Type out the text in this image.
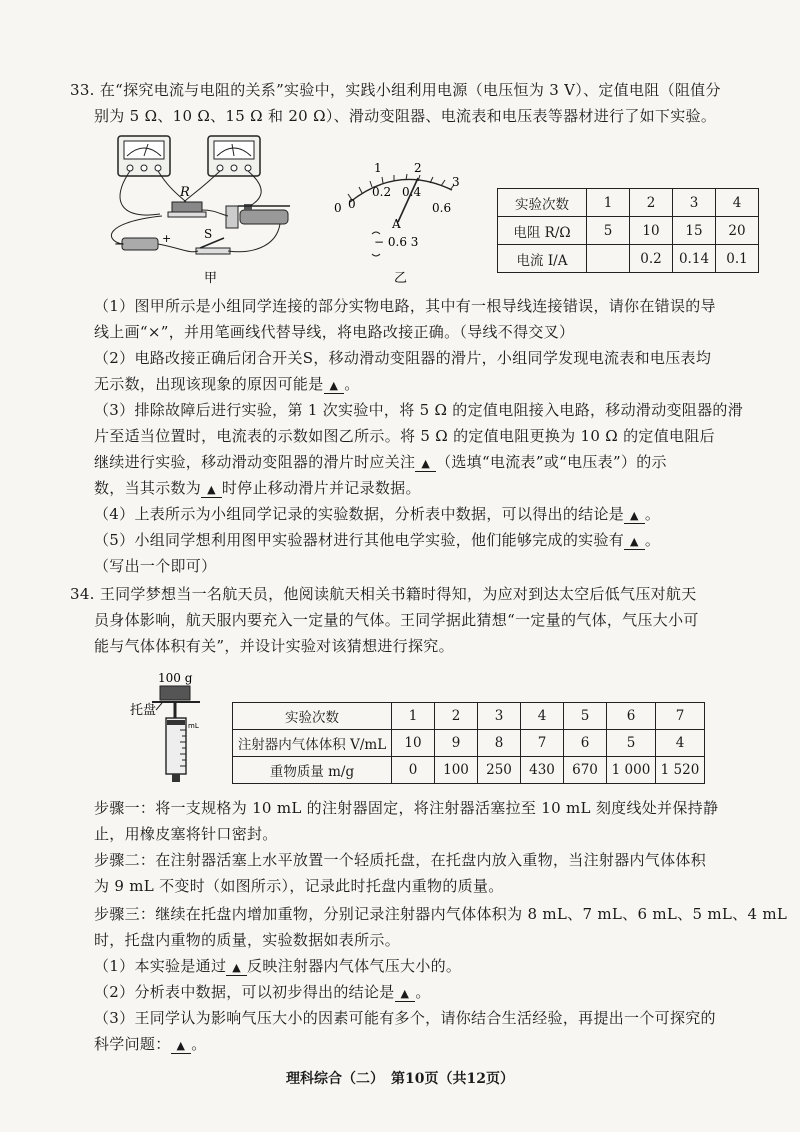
33. 在“探究电流与电阻的关系”实验中，实践小组利用电源（电压恒为 3 V）、定值电阻（阻值分
别为 5 Ω、10 Ω、15 Ω 和 20 Ω）、滑动变阻器、电流表和电压表等器材进行了如下实验。
R
−	+	S
甲
0
1	2
3
0
0.2 0.4
0.6
A
− 0.6 3
乙
实验次数	1	2	3	4
电阻 R/Ω	5	10	15	20
电流 I/A		0.2	0.14	0.1
（1）图甲所示是小组同学连接的部分实物电路，其中有一根导线连接错误，请你在错误的导
线上画“×”，并用笔画线代替导线，将电路改接正确。（导线不得交叉）
（2）电路改接正确后闭合开关S，移动滑动变阻器的滑片，小组同学发现电流表和电压表均
无示数，出现该现象的原因可能是 ▲ 。
（3）排除故障后进行实验，第 1 次实验中，将 5 Ω 的定值电阻接入电路，移动滑动变阻器的滑
片至适当位置时，电流表的示数如图乙所示。将 5 Ω 的定值电阻更换为 10 Ω 的定值电阻后
继续进行实验，移动滑动变阻器的滑片时应关注 ▲ （选填“电流表”或“电压表”）的示
数，当其示数为 ▲ 时停止移动滑片并记录数据。
（4）上表所示为小组同学记录的实验数据，分析表中数据，可以得出的结论是 ▲ 。
（5）小组同学想利用图甲实验器材进行其他电学实验，他们能够完成的实验有 ▲ 。
（写出一个即可）
34. 王同学梦想当一名航天员，他阅读航天相关书籍时得知，为应对到达太空后低气压对航天
员身体影响，航天服内要充入一定量的气体。王同学据此猜想“一定量的气体，气压大小可
能与气体体积有关”，并设计实验对该猜想进行探究。
100 g
托盘
mL	实验次数	1	2	3	4	5	6	7
注射器内气体体积 V/mL	10	9	8	7	6	5	4
重物质量 m/g	0	100	250	430	670	1 000	1 520
步骤一：将一支规格为 10 mL 的注射器固定，将注射器活塞拉至 10 mL 刻度线处并保持静
止，用橡皮塞将针口密封。
步骤二：在注射器活塞上水平放置一个轻质托盘，在托盘内放入重物，当注射器内气体体积
为 9 mL 不变时（如图所示），记录此时托盘内重物的质量。
步骤三：继续在托盘内增加重物，分别记录注射器内气体体积为 8 mL、7 mL、6 mL、5 mL、4 mL
时，托盘内重物的质量，实验数据如表所示。
（1）本实验是通过 ▲ 反映注射器内气体气压大小的。
（2）分析表中数据，可以初步得出的结论是 ▲ 。
（3）王同学认为影响气压大小的因素可能有多个，请你结合生活经验，再提出一个可探究的
科学问题： ▲ 。
理科综合（二）　第10页（共12页）
